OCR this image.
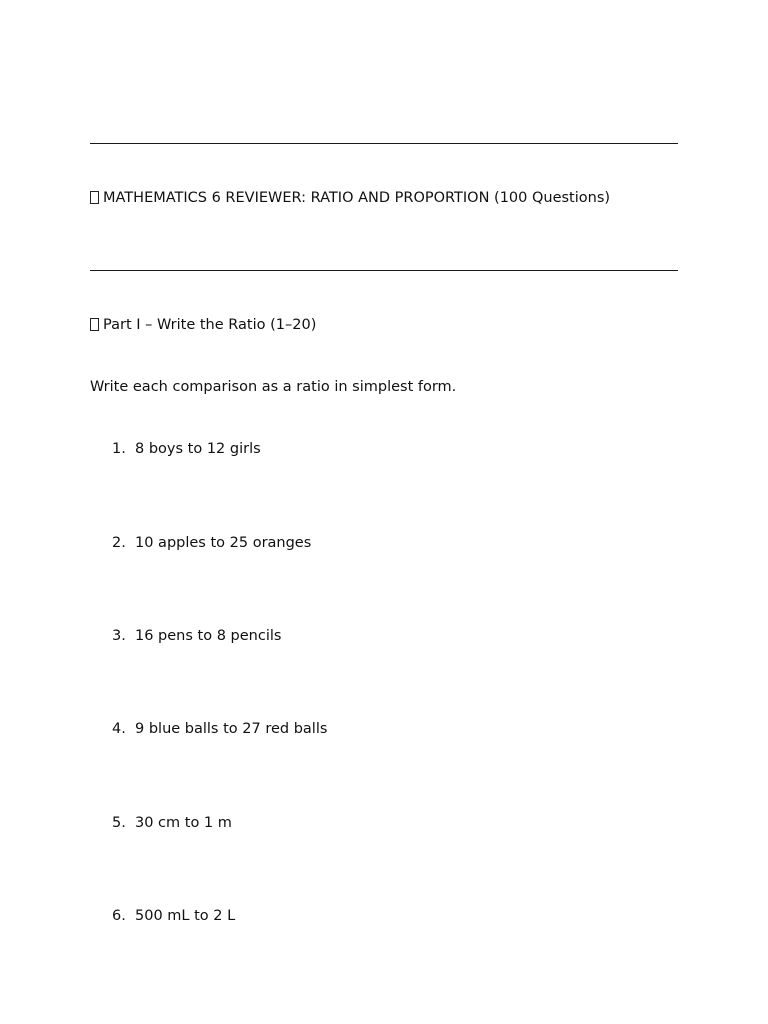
MATHEMATICS 6 REVIEWER: RATIO AND PROPORTION (100 Questions)
Part I – Write the Ratio (1–20)
Write each comparison as a ratio in simplest form.
1. 8 boys to 12 girls
2. 10 apples to 25 oranges
3. 16 pens to 8 pencils
4. 9 blue balls to 27 red balls
5. 30 cm to 1 m
6. 500 mL to 2 L
